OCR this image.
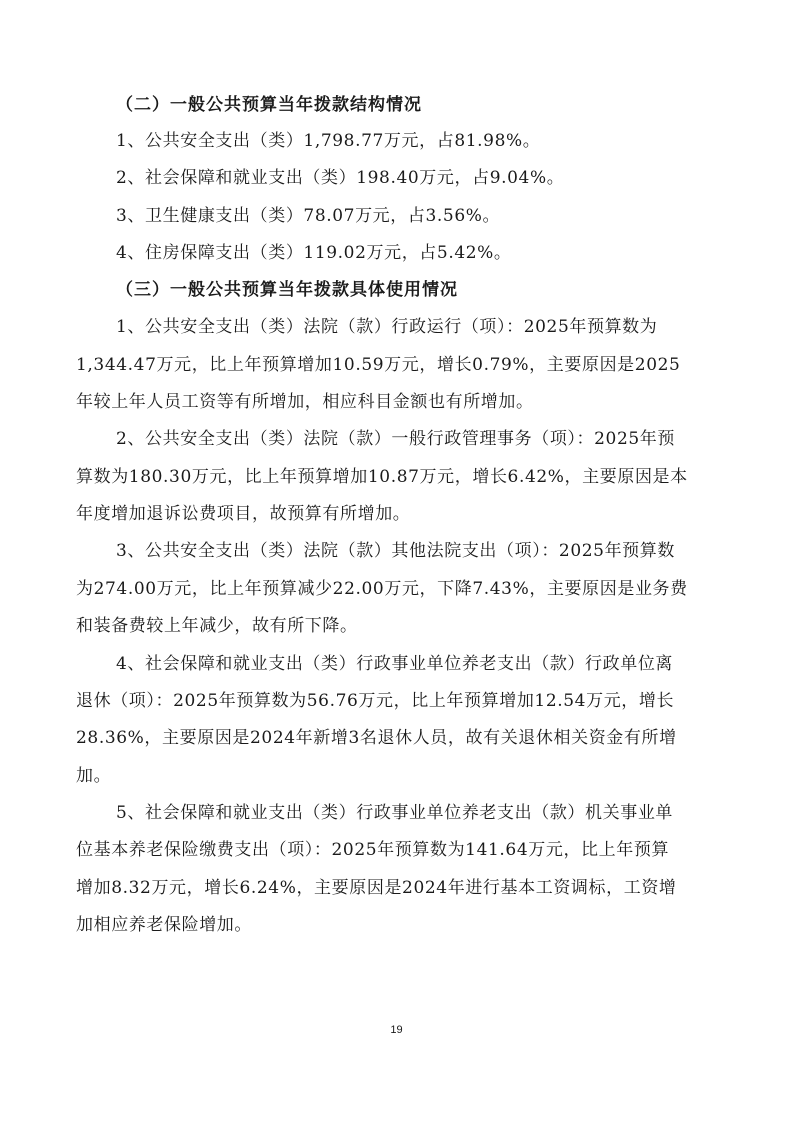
（二）一般公共预算当年拨款结构情况
1、公共安全支出（类）1,798.77万元，占81.98%。
2、社会保障和就业支出（类）198.40万元，占9.04%。
3、卫生健康支出（类）78.07万元，占3.56%。
4、住房保障支出（类）119.02万元，占5.42%。
（三）一般公共预算当年拨款具体使用情况
1、公共安全支出（类）法院（款）行政运行（项）：2025年预算数为
1,344.47万元，比上年预算增加10.59万元，增长0.79%，主要原因是2025
年较上年人员工资等有所增加，相应科目金额也有所增加。
2、公共安全支出（类）法院（款）一般行政管理事务（项）：2025年预
算数为180.30万元，比上年预算增加10.87万元，增长6.42%，主要原因是本
年度增加退诉讼费项目，故预算有所增加。
3、公共安全支出（类）法院（款）其他法院支出（项）：2025年预算数
为274.00万元，比上年预算减少22.00万元，下降7.43%，主要原因是业务费
和装备费较上年减少，故有所下降。
4、社会保障和就业支出（类）行政事业单位养老支出（款）行政单位离
退休（项）：2025年预算数为56.76万元，比上年预算增加12.54万元，增长
28.36%，主要原因是2024年新增3名退休人员，故有关退休相关资金有所增
加。
5、社会保障和就业支出（类）行政事业单位养老支出（款）机关事业单
位基本养老保险缴费支出（项）：2025年预算数为141.64万元，比上年预算
增加8.32万元，增长6.24%，主要原因是2024年进行基本工资调标，工资增
加相应养老保险增加。
19
